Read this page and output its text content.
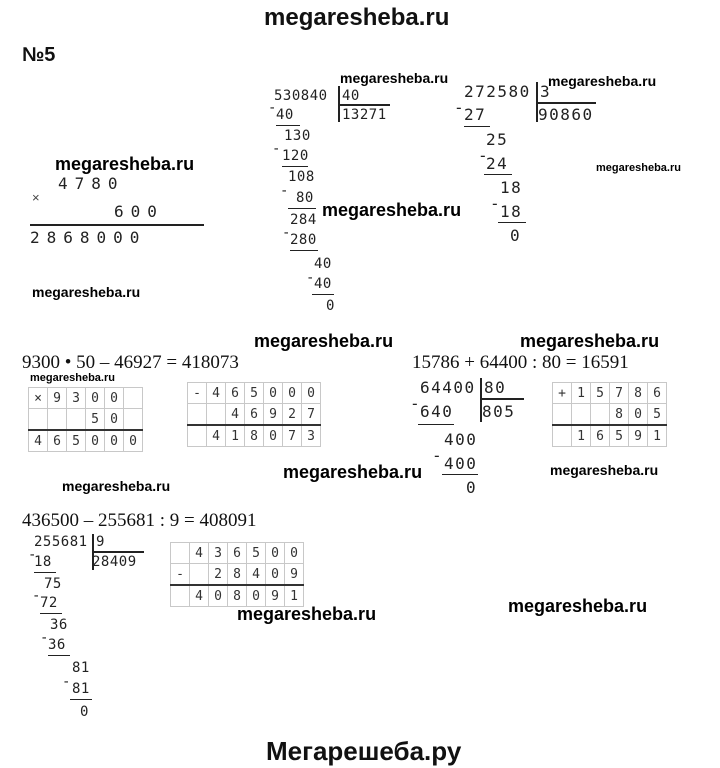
megaresheba.ru
№5
megaresheba.ru	megaresheba.ru
megaresheba.ru	megaresheba.ru
megaresheba.ru
megaresheba.ru
megaresheba.ru	megaresheba.ru
megaresheba.ru
megaresheba.ru	megaresheba.ru
megaresheba.ru
megaresheba.ru
megaresheba.ru
×
4780
600
2868000
530840 40
13271
- 40
130
- 120
108
- 80
284
- 280
40
- 40
0
272580 3
90860
-
27
25
-
24
18
-
18
0
9300 • 50 – 46927 = 418073
×	9	3	0	0	
			5	0	
4	6	5	0	0	0
-	4	6	5	0	0	0
		4	6	9	2	7
	4	1	8	0	7	3
15786 + 64400 : 80 = 16591
64400 80
805
-
640
400
- 400
0
+	1	5	7	8	6
			8	0	5
	1	6	5	9	1
436500 – 255681 : 9 = 408091
255681 9
28409
-
18
75
- 72
36
- 36
81
- 81
0
	4	3	6	5	0	0
-		2	8	4	0	9
	4	0	8	0	9	1
Мегарешеба.ру
